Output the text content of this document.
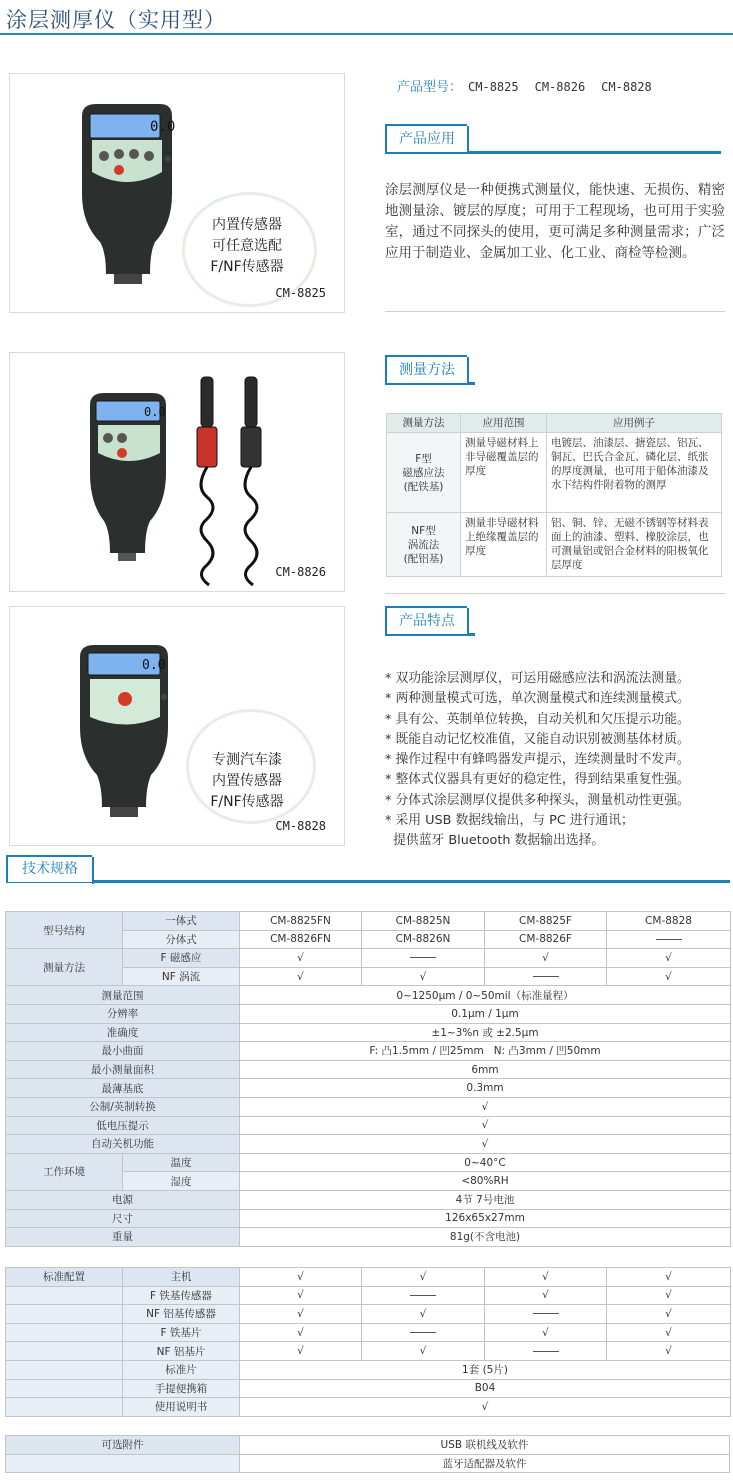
涂层测厚仪（实用型）
0.0
内置传感器
可任意选配
F/NF传感器
CM-8825
0.0
CM-8826
0.0
专测汽车漆
内置传感器
F/NF传感器
CM-8828
产品型号： CM-8825 CM-8826 CM-8828
产品应用
涂层测厚仪是一种便携式测量仪，能快速、无损伤、精密地测量涂、镀层的厚度；可用于工程现场，也可用于实验室，通过不同探头的使用，更可满足多种测量需求；广泛应用于制造业、金属加工业、化工业、商检等检测。
测量方法
测量方法	应用范围	应用例子
F型
磁感应法
(配铁基)	测量导磁材料上非导磁覆盖层的厚度	电镀层、油漆层、搪瓷层、铝瓦、铜瓦、巴氏合金瓦、磷化层、纸张的厚度测量，也可用于船体油漆及水下结构件附着物的测厚
NF型
涡流法
(配铝基)	测量非导磁材料上绝缘覆盖层的厚度	铝、铜、锌、无磁不锈钢等材料表面上的油漆、塑料、橡胶涂层，也可测量铝或铝合金材料的阳极氧化层厚度
产品特点
* 双功能涂层测厚仪，可运用磁感应法和涡流法测量。
* 两种测量模式可选，单次测量模式和连续测量模式。
* 具有公、英制单位转换，自动关机和欠压提示功能。
* 既能自动记忆校准值，又能自动识别被测基体材质。
* 操作过程中有蜂鸣器发声提示，连续测量时不发声。
* 整体式仪器具有更好的稳定性，得到结果重复性强。
* 分体式涂层测厚仪提供多种探头，测量机动性更强。
* 采用 USB 数据线输出，与 PC 进行通讯；
提供蓝牙 Bluetooth 数据输出选择。
技术规格
型号结构	一体式	CM-8825FN	CM-8825N	CM-8825F	CM-8828
	分体式	CM-8826FN	CM-8826N	CM-8826F	
测量方法	F 磁感应	√		√	√
	NF 涡流	√	√		√
测量范围		0~1250μm / 0~50mil（标准量程）			
分辨率		0.1μm / 1μm			
准确度		±1~3%n 或 ±2.5μm			
最小曲面		F: 凸1.5mm / 凹25mm   N: 凸3mm / 凹50mm			
最小测量面积		6mm			
最薄基底		0.3mm			
公制/英制转换		√			
低电压提示		√			
自动关机功能		√			
工作环境	温度	0~40°C			
	湿度	<80%RH			
电源		4节 7号电池			
尺寸		126x65x27mm			
重量		81g(不含电池)			
标准配置	主机	√	√	√	√
	F 铁基传感器	√		√	√
	NF 铝基传感器	√	√		√
	F 铁基片	√		√	√
	NF 铝基片	√	√		√
	标准片	1套 (5片)			
	手提便携箱	B04			
	使用说明书	√			
可选附件	USB 联机线及软件
	蓝牙适配器及软件
